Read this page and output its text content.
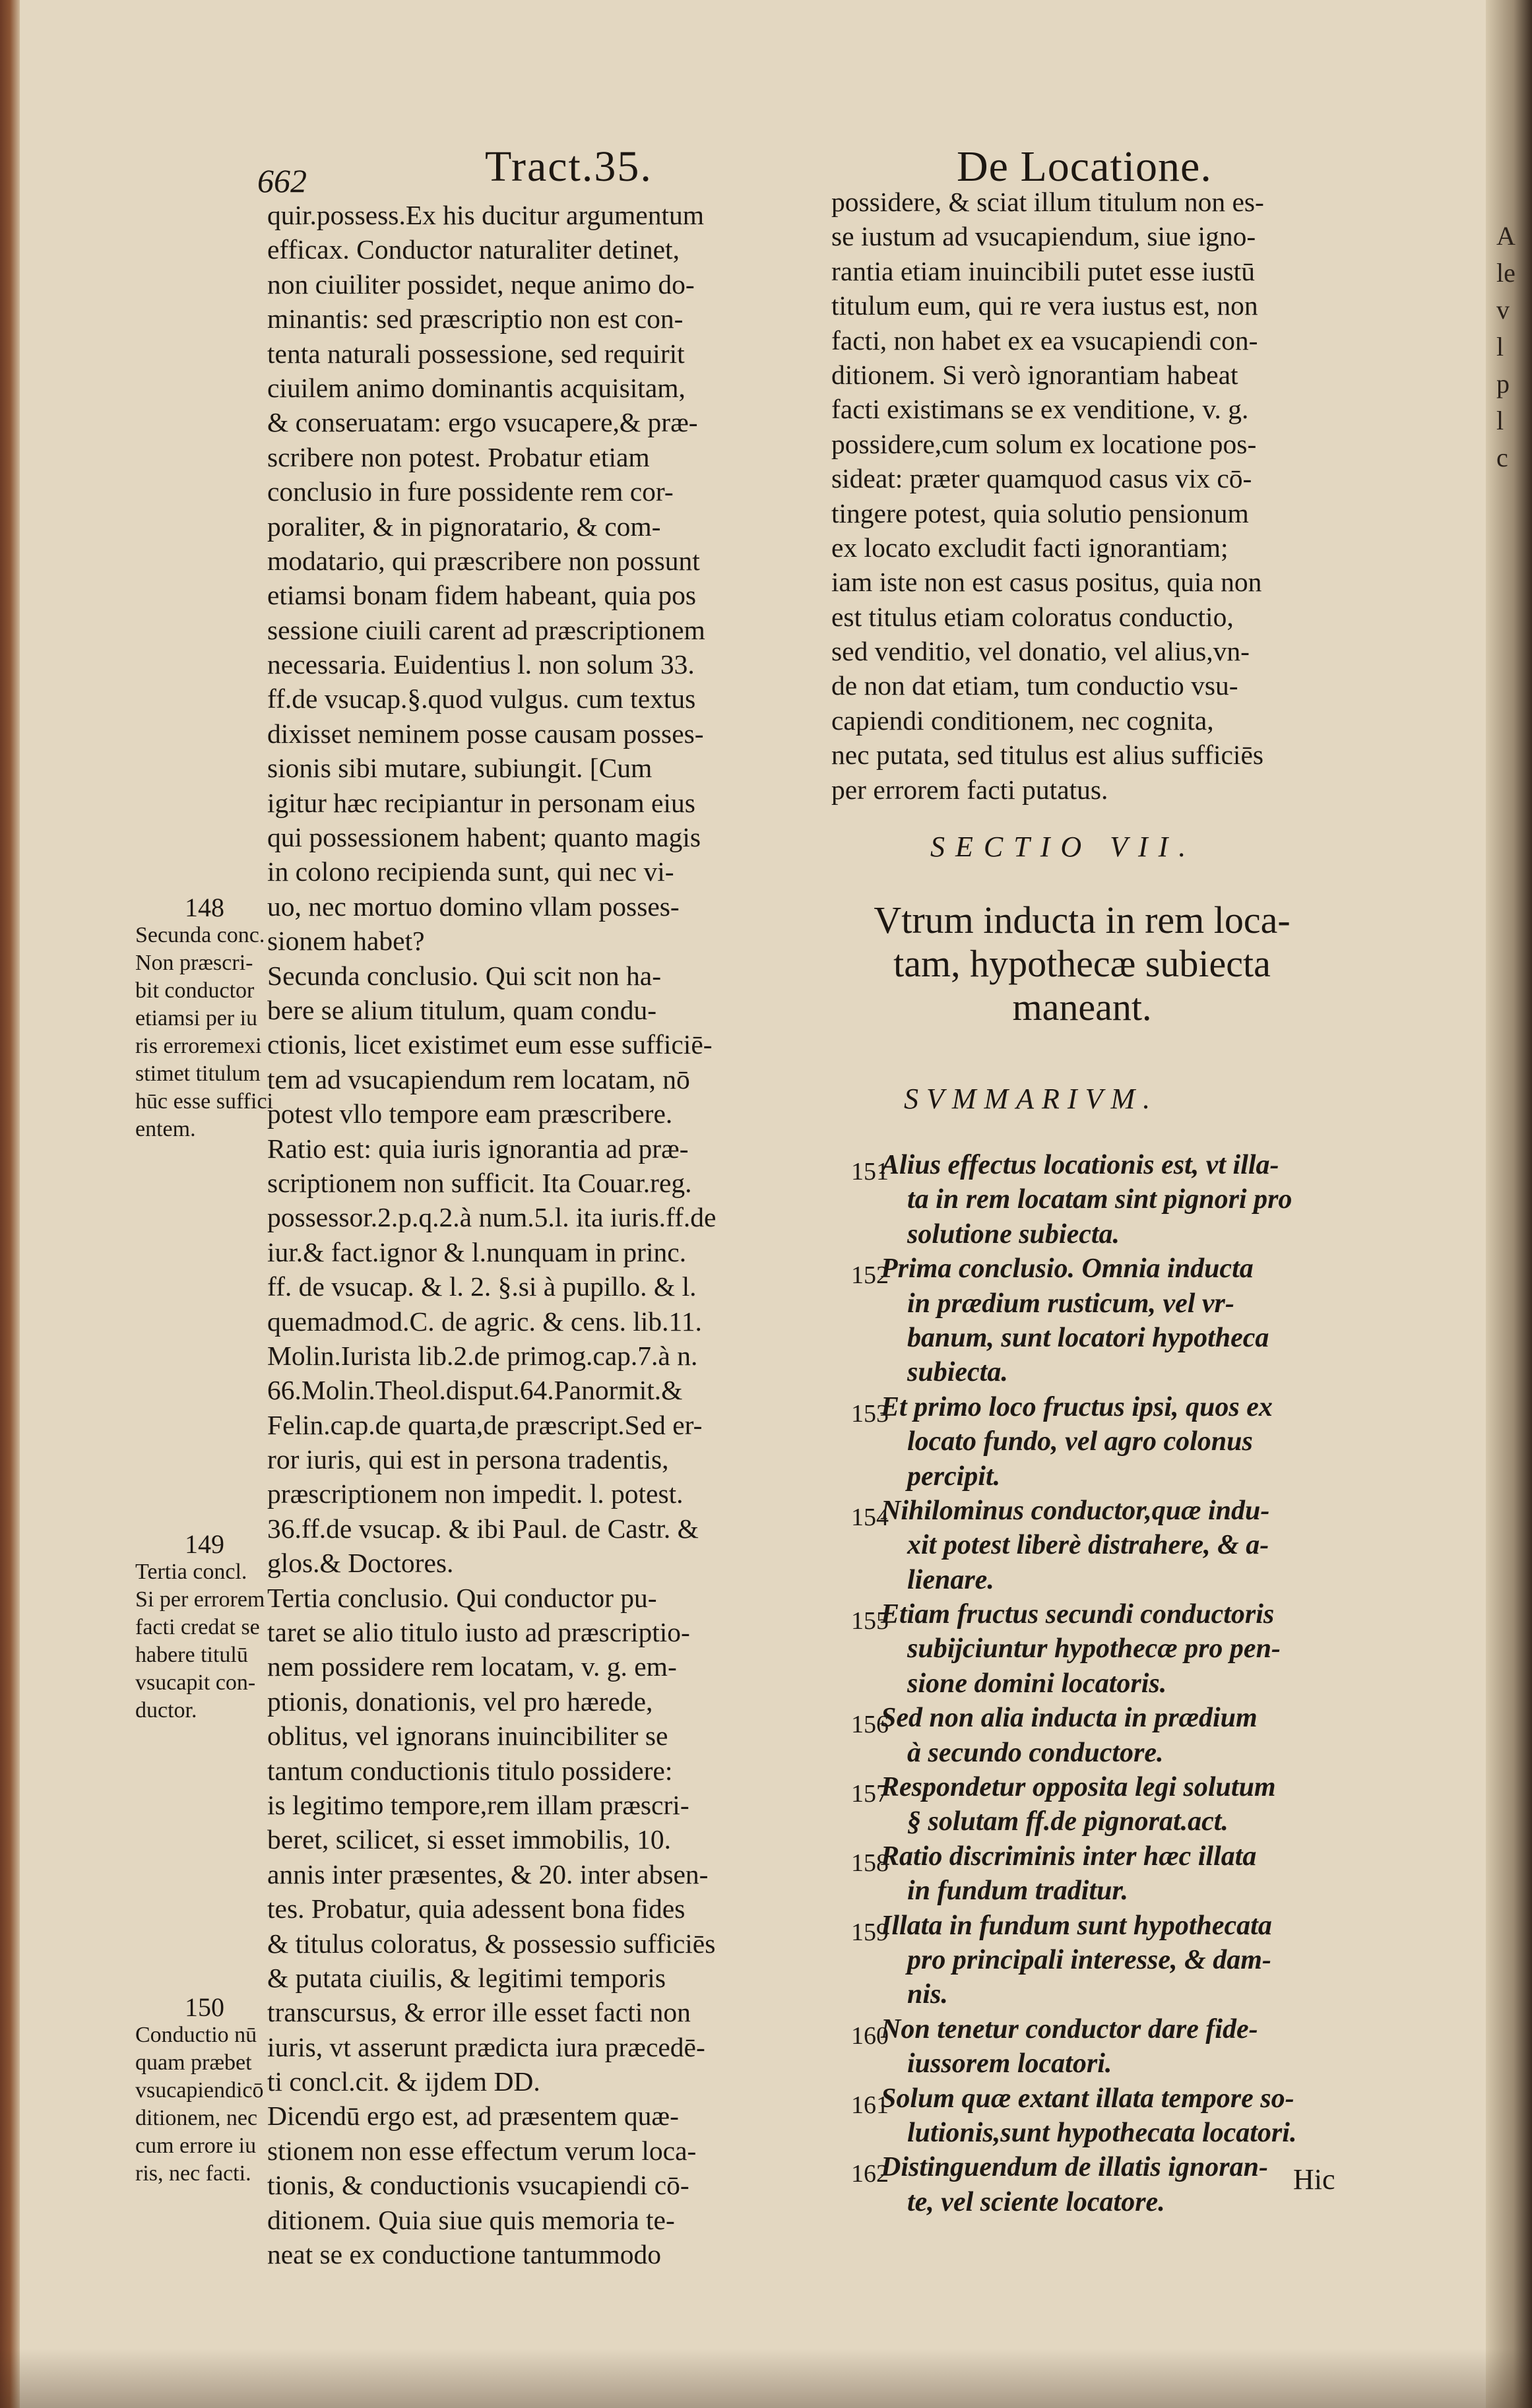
A
le
v
l
p
l
c
662	Tract.35.	De Locatione.
quir.possess.Ex his ducitur argumentum
efficax. Conductor naturaliter detinet,
non ciuiliter possidet, neque animo do-
minantis: sed præscriptio non est con-
tenta naturali possessione, sed requirit
ciuilem animo dominantis acquisitam,
& conseruatam: ergo vsucapere,& præ-
scribere non potest. Probatur etiam
conclusio in fure possidente rem cor-
poraliter, & in pignoratario, & com-
modatario, qui præscribere non possunt
etiamsi bonam fidem habeant, quia pos
sessione ciuili carent ad præscriptionem
necessaria. Euidentius l. non solum 33.
ff.de vsucap.§.quod vulgus. cum textus
dixisset neminem posse causam posses-
sionis sibi mutare, subiungit. [Cum
igitur hæc recipiantur in personam eius
qui possessionem habent; quanto magis
in colono recipienda sunt, qui nec vi-
uo, nec mortuo domino vllam posses-
sionem habet?
Secunda conclusio. Qui scit non ha-
bere se alium titulum, quam condu-
ctionis, licet existimet eum esse sufficiē-
tem ad vsucapiendum rem locatam, nō
potest vllo tempore eam præscribere.
Ratio est: quia iuris ignorantia ad præ-
scriptionem non sufficit. Ita Couar.reg.
possessor.2.p.q.2.à num.5.l. ita iuris.ff.de
iur.& fact.ignor & l.nunquam in princ.
ff. de vsucap. & l. 2. §.si à pupillo. & l.
quemadmod.C. de agric. & cens. lib.11.
Molin.Iurista lib.2.de primog.cap.7.à n.
66.Molin.Theol.disput.64.Panormit.&
Felin.cap.de quarta,de præscript.Sed er-
ror iuris, qui est in persona tradentis,
præscriptionem non impedit. l. potest.
36.ff.de vsucap. & ibi Paul. de Castr. &
glos.& Doctores.
Tertia conclusio. Qui conductor pu-
taret se alio titulo iusto ad præscriptio-
nem possidere rem locatam, v. g. em-
ptionis, donationis, vel pro hærede,
oblitus, vel ignorans inuincibiliter se
tantum conductionis titulo possidere:
is legitimo tempore,rem illam præscri-
beret, scilicet, si esset immobilis, 10.
annis inter præsentes, & 20. inter absen-
tes. Probatur, quia adessent bona fides
& titulus coloratus, & possessio sufficiēs
& putata ciuilis, & legitimi temporis
transcursus, & error ille esset facti non
iuris, vt asserunt prædicta iura præcedē-
ti concl.cit. & ijdem DD.
Dicendū ergo est, ad præsentem quæ-
stionem non esse effectum verum loca-
tionis, & conductionis vsucapiendi cō-
ditionem. Quia siue quis memoria te-
neat se ex conductione tantummodo
possidere, & sciat illum titulum non es-
se iustum ad vsucapiendum, siue igno-
rantia etiam inuincibili putet esse iustū
titulum eum, qui re vera iustus est, non
facti, non habet ex ea vsucapiendi con-
ditionem. Si verò ignorantiam habeat
facti existimans se ex venditione, v. g.
possidere,cum solum ex locatione pos-
sideat: præter quamquod casus vix cō-
tingere potest, quia solutio pensionum
ex locato excludit facti ignorantiam;
iam iste non est casus positus, quia non
est titulus etiam coloratus conductio,
sed venditio, vel donatio, vel alius,vn-
de non dat etiam, tum conductio vsu-
capiendi conditionem, nec cognita,
nec putata, sed titulus est alius sufficiēs
per errorem facti putatus.
SECTIO VII.
Vtrum inducta in rem loca-
tam, hypothecæ subiecta
maneant.
SVMMARIVM.
151
Alius effectus locationis est, vt illa-
ta in rem locatam sint pignori pro
solutione subiecta.
152
Prima conclusio. Omnia inducta
in prædium rusticum, vel vr-
banum, sunt locatori hypotheca
subiecta.
153
Et primo loco fructus ipsi, quos ex
locato fundo, vel agro colonus
percipit.
154
Nihilominus conductor,quæ indu-
xit potest liberè distrahere, & a-
lienare.
155
Etiam fructus secundi conductoris
subijciuntur hypothecæ pro pen-
sione domini locatoris.
156
Sed non alia inducta in prædium
à secundo conductore.
157
Respondetur opposita legi solutum
§ solutam ff.de pignorat.act.
158
Ratio discriminis inter hæc illata
in fundum traditur.
159
Illata in fundum sunt hypothecata
pro principali interesse, & dam-
nis.
160
Non tenetur conductor dare fide-
iussorem locatori.
161
Solum quæ extant illata tempore so-
lutionis,sunt hypothecata locatori.
162
Distinguendum de illatis ignoran-
te, vel sciente locatore.
148
Secunda conc.
Non præscri-
bit conductor
etiamsi per iu
ris erroremexi
stimet titulum
hūc esse suffici
entem.
149
Tertia concl.
Si per errorem
facti credat se
habere titulū
vsucapit con-
ductor.
150
Conductio nū
quam præbet
vsucapiendicō
ditionem, nec
cum errore iu
ris, nec facti.	Hic
